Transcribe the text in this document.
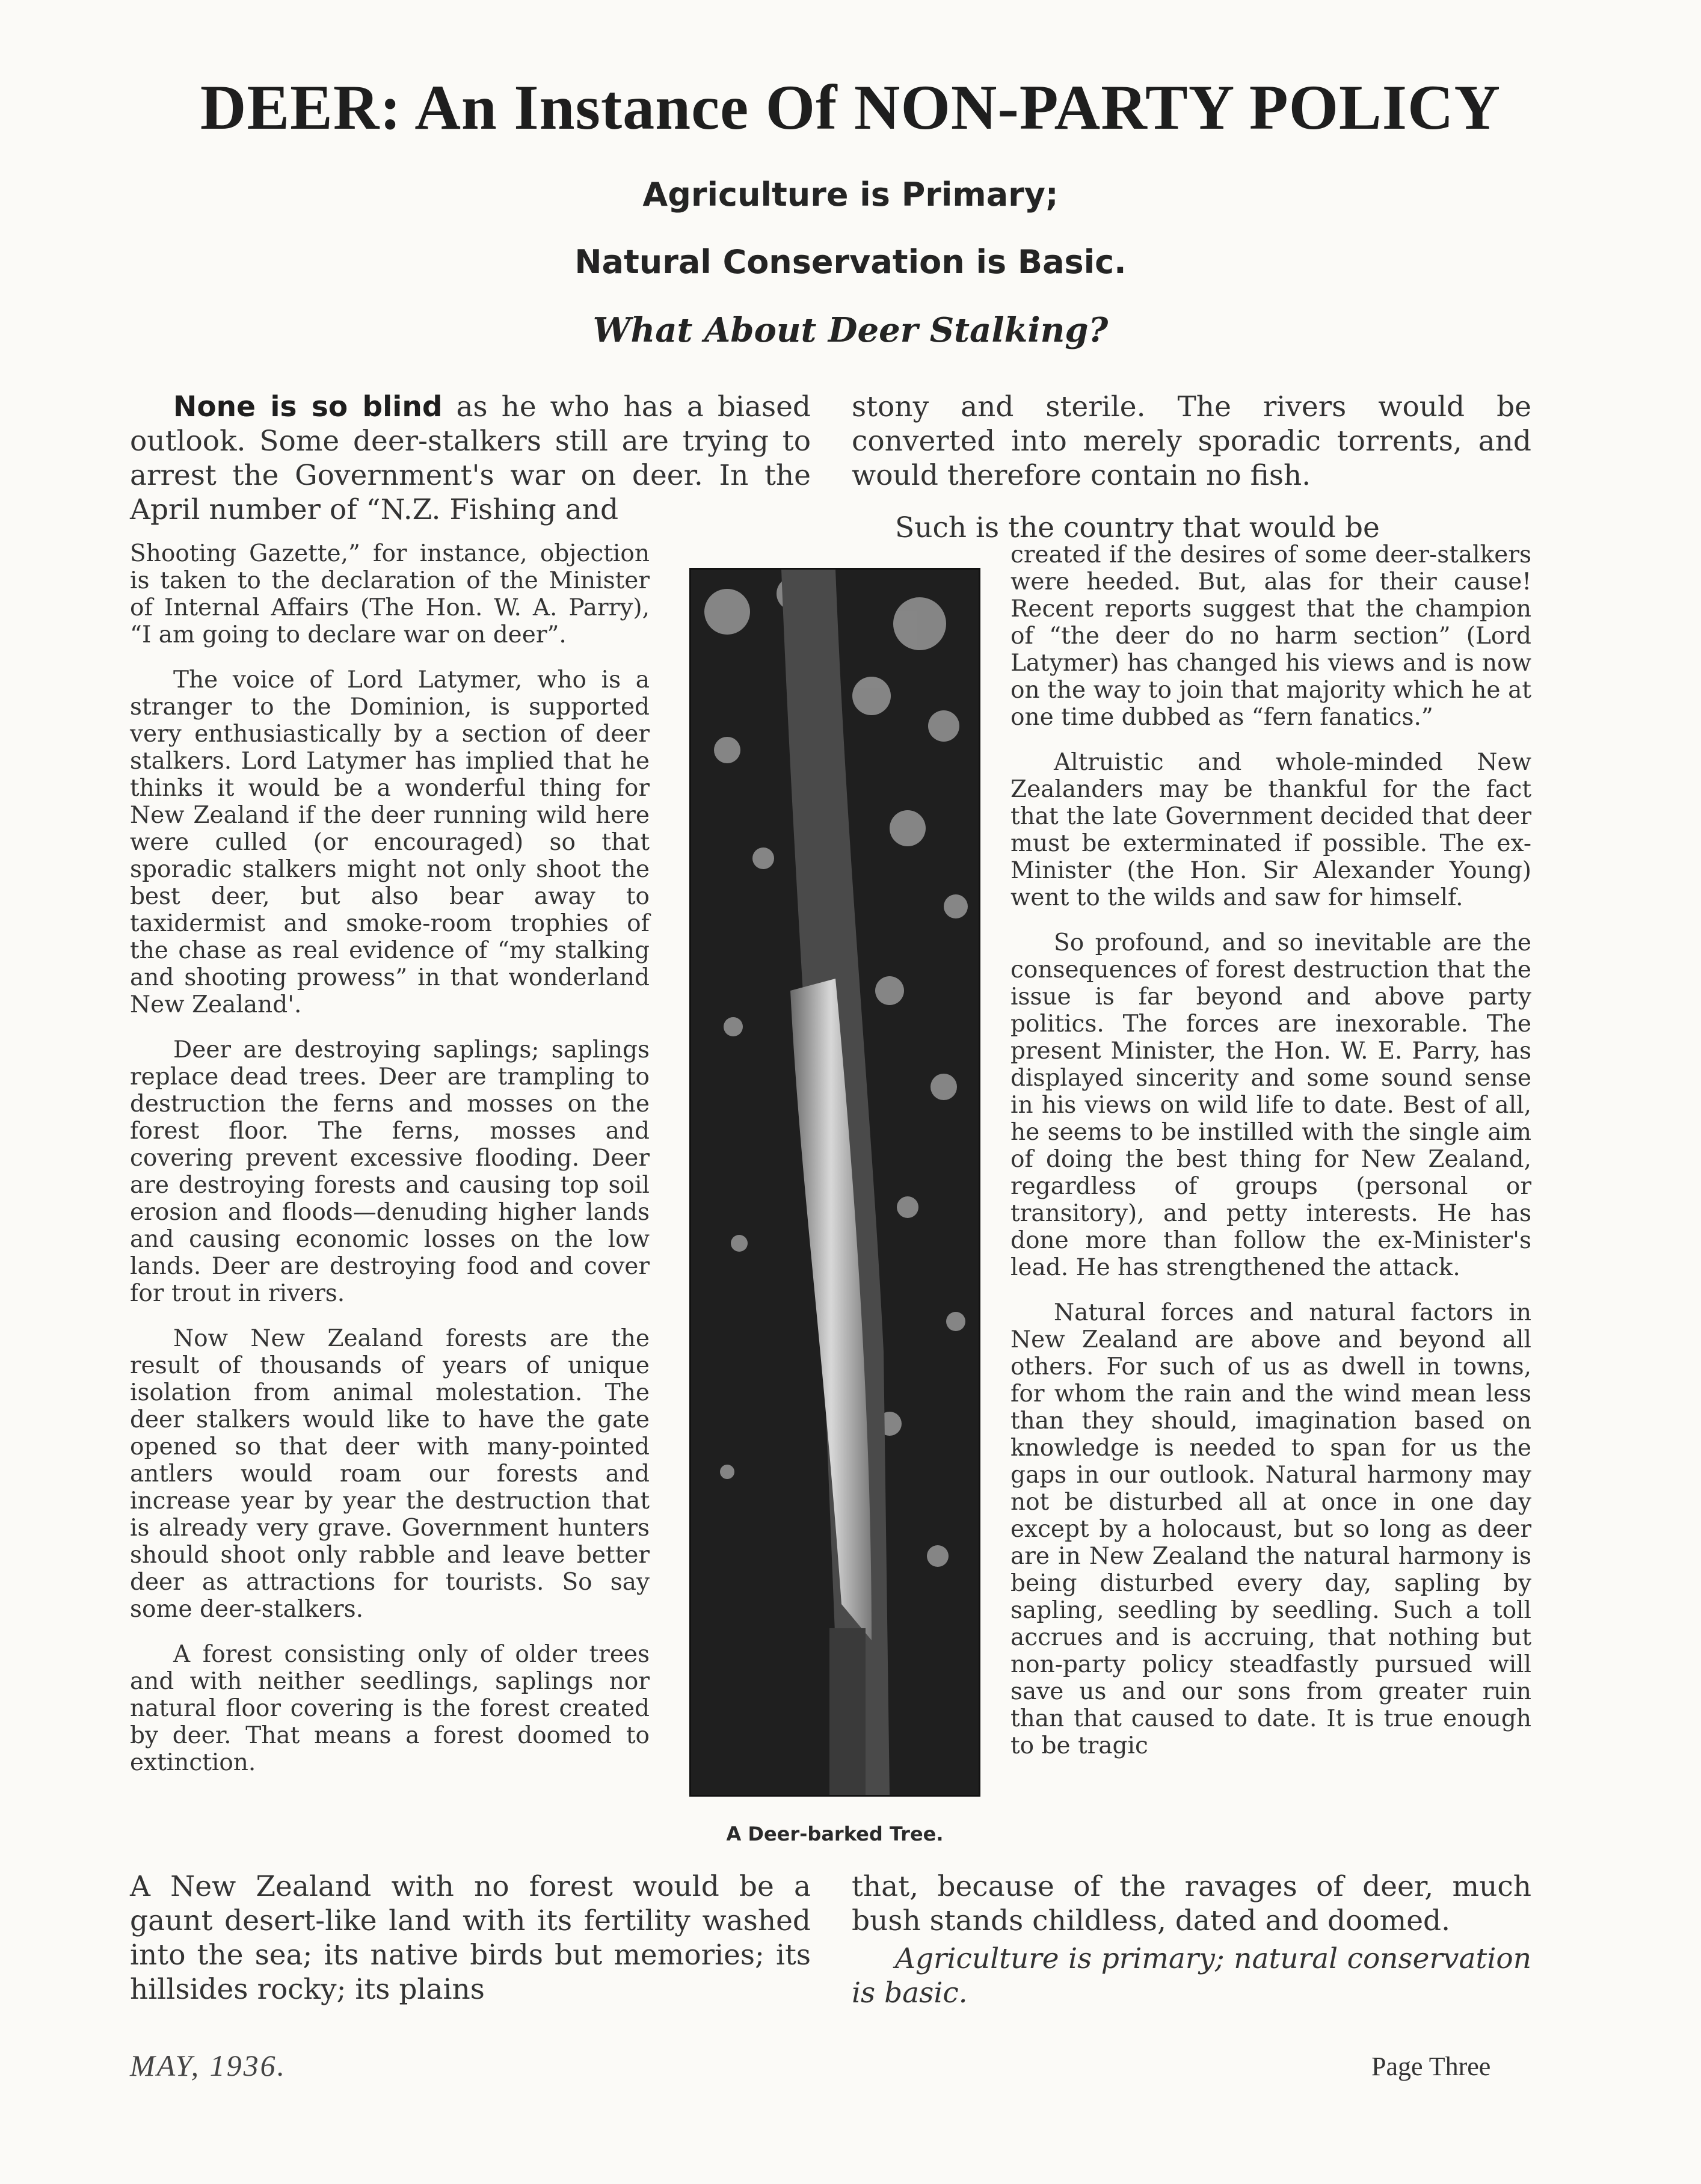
DEER: An Instance Of NON-PARTY POLICY
Agriculture is Primary;
Natural Conservation is Basic.
What About Deer Stalking?

None is so blind as he who has a biased outlook. Some deer-stalkers still are trying to arrest the Government's war on deer. In the April number of “N.Z. Fishing and

Shooting Gazette,” for instance, objection is taken to the declaration of the Minister of Internal Affairs (The Hon. W. A. Parry), “I am going to declare war on deer”.

The voice of Lord Latymer, who is a stranger to the Dominion, is supported very enthusiastically by a section of deer stalkers. Lord Latymer has implied that he thinks it would be a wonderful thing for New Zealand if the deer running wild here were culled (or encouraged) so that sporadic stalkers might not only shoot the best deer, but also bear away to taxidermist and smoke-room trophies of the chase as real evidence of “my stalking and shooting prowess” in that wonderland New Zealand'.

Deer are destroying saplings; saplings replace dead trees. Deer are trampling to destruction the ferns and mosses on the forest floor. The ferns, mosses and covering prevent excessive flooding. Deer are destroying forests and causing top soil erosion and floods—denuding higher lands and causing economic losses on the low lands. Deer are destroying food and cover for trout in rivers.

Now New Zealand forests are the result of thousands of years of unique isolation from animal molestation. The deer stalkers would like to have the gate opened so that deer with many-pointed antlers would roam our forests and increase year by year the destruction that is already very grave. Government hunters should shoot only rabble and leave better deer as attractions for tourists. So say some deer-stalkers.

A forest consisting only of older trees and with neither seedlings, saplings nor natural floor covering is the forest created by deer. That means a forest doomed to extinction.

A New Zealand with no forest would be a gaunt desert-like land with its fertility washed into the sea; its native birds but memories; its hillsides rocky; its plains

A Deer-barked Tree.

stony and sterile. The rivers would be converted into merely sporadic torrents, and would therefore contain no fish.

Such is the country that would be

created if the desires of some deer-stalkers were heeded. But, alas for their cause! Recent reports suggest that the champion of “the deer do no harm section” (Lord Latymer) has changed his views and is now on the way to join that majority which he at one time dubbed as “fern fanatics.”

Altruistic and whole-minded New Zealanders may be thankful for the fact that the late Government decided that deer must be exterminated if possible. The ex-Minister (the Hon. Sir Alexander Young) went to the wilds and saw for himself.

So profound, and so inevitable are the consequences of forest destruction that the issue is far beyond and above party politics. The forces are inexorable. The present Minister, the Hon. W. E. Parry, has displayed sincerity and some sound sense in his views on wild life to date. Best of all, he seems to be instilled with the single aim of doing the best thing for New Zealand, regardless of groups (personal or transitory), and petty interests. He has done more than follow the ex-Minister's lead. He has strengthened the attack.

Natural forces and natural factors in New Zealand are above and beyond all others. For such of us as dwell in towns, for whom the rain and the wind mean less than they should, imagination based on knowledge is needed to span for us the gaps in our outlook. Natural harmony may not be disturbed all at once in one day except by a holocaust, but so long as deer are in New Zealand the natural harmony is being disturbed every day, sapling by sapling, seedling by seedling. Such a toll accrues and is accruing, that nothing but non-party policy steadfastly pursued will save us and our sons from greater ruin than that caused to date. It is true enough to be tragic

that, because of the ravages of deer, much bush stands childless, dated and doomed.

Agriculture is primary; natural conservation is basic.

MAY, 1936.	Page Three
